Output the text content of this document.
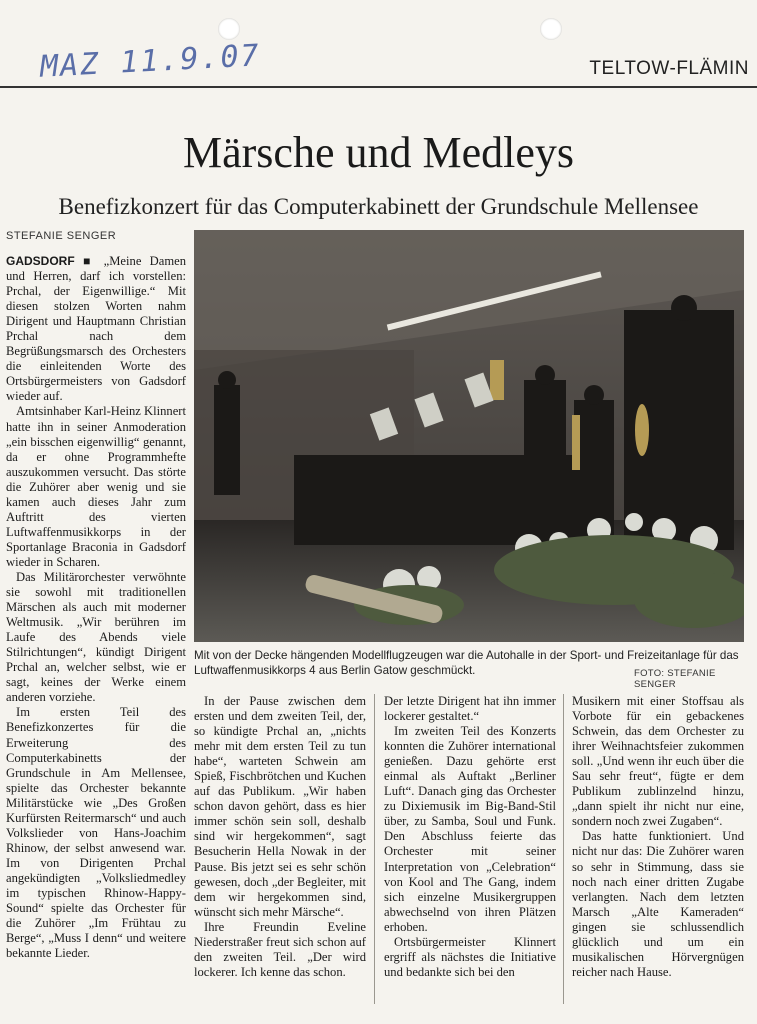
MAZ 11.9.07	TELTOW-FLÄMIN
Märsche und Medleys
Benefizkonzert für das Computerkabinett der Grundschule Mellensee
STEFANIE SENGER

GADSDORF ■ „Meine Damen und Herren, darf ich vorstellen: Prchal, der Eigenwillige.“ Mit diesen stolzen Worten nahm Dirigent und Hauptmann Christian Prchal nach dem Begrüßungsmarsch des Orchesters die einleitenden Worte des Ortsbürgermeisters von Gadsdorf wieder auf.

Amtsinhaber Karl-Heinz Klinnert hatte ihn in seiner Anmoderation „ein bisschen eigenwillig“ genannt, da er ohne Programmhefte auszukommen versucht. Das störte die Zuhörer aber wenig und sie kamen auch dieses Jahr zum Auftritt des vierten Luftwaffenmusikkorps in der Sportanlage Braconia in Gadsdorf wieder in Scharen.

Das Militärorchester verwöhnte sie sowohl mit traditionellen Märschen als auch mit moderner Weltmusik. „Wir berühren im Laufe des Abends viele Stilrichtungen“, kündigt Dirigent Prchal an, welcher selbst, wie er sagt, keines der Werke einem anderen vorziehe.

Im ersten Teil des Benefizkonzertes für die Erweiterung des Computerkabinetts der Grundschule in Am Mellensee, spielte das Orchester bekannte Militärstücke wie „Des Großen Kurfürsten Reitermarsch“ und auch Volkslieder von Hans-Joachim Rhinow, der selbst anwesend war. Im von Dirigenten Prchal angekündigten „Volksliedmedley im typischen Rhinow-Happy-Sound“ spielte das Orchester für die Zuhörer „Im Frühtau zu Berge“, „Muss I denn“ und weitere bekannte Lieder.

Mit von der Decke hängenden Modellflugzeugen war die Autohalle in der Sport- und Freizeitanlage für das Luftwaffenmusikkorps 4 aus Berlin Gatow geschmückt.	FOTO: STEFANIE SENGER

In der Pause zwischen dem ersten und dem zweiten Teil, der, so kündigte Prchal an, „nichts mehr mit dem ersten Teil zu tun habe“, warteten Schwein am Spieß, Fischbrötchen und Kuchen auf das Publikum. „Wir haben schon davon gehört, dass es hier immer schön sein soll, deshalb sind wir hergekommen“, sagt Besucherin Hella Nowak in der Pause. Bis jetzt sei es sehr schön gewesen, doch „der Begleiter, mit dem wir hergekommen sind, wünscht sich mehr Märsche“.

Ihre Freundin Eveline Niederstraßer freut sich schon auf den zweiten Teil. „Der wird lockerer. Ich kenne das schon.

Der letzte Dirigent hat ihn immer lockerer gestaltet.“

Im zweiten Teil des Konzerts konnten die Zuhörer international genießen. Dazu gehörte erst einmal als Auftakt „Berliner Luft“. Danach ging das Orchester zu Dixiemusik im Big-Band-Stil über, zu Samba, Soul und Funk. Den Abschluss feierte das Orchester mit seiner Interpretation von „Celebration“ von Kool and The Gang, indem sich einzelne Musikergruppen abwechselnd von ihren Plätzen erhoben.

Ortsbürgermeister Klinnert ergriff als nächstes die Initiative und bedankte sich bei den

Musikern mit einer Stoffsau als Vorbote für ein gebackenes Schwein, das dem Orchester zu ihrer Weihnachtsfeier zukommen soll. „Und wenn ihr euch über die Sau sehr freut“, fügte er dem Publikum zublinzelnd hinzu, „dann spielt ihr nicht nur eine, sondern noch zwei Zugaben“.

Das hatte funktioniert. Und nicht nur das: Die Zuhörer waren so sehr in Stimmung, dass sie noch nach einer dritten Zugabe verlangten. Nach dem letzten Marsch „Alte Kameraden“ gingen sie schlussendlich glücklich und um ein musikalischen Hörvergnügen reicher nach Hause.
